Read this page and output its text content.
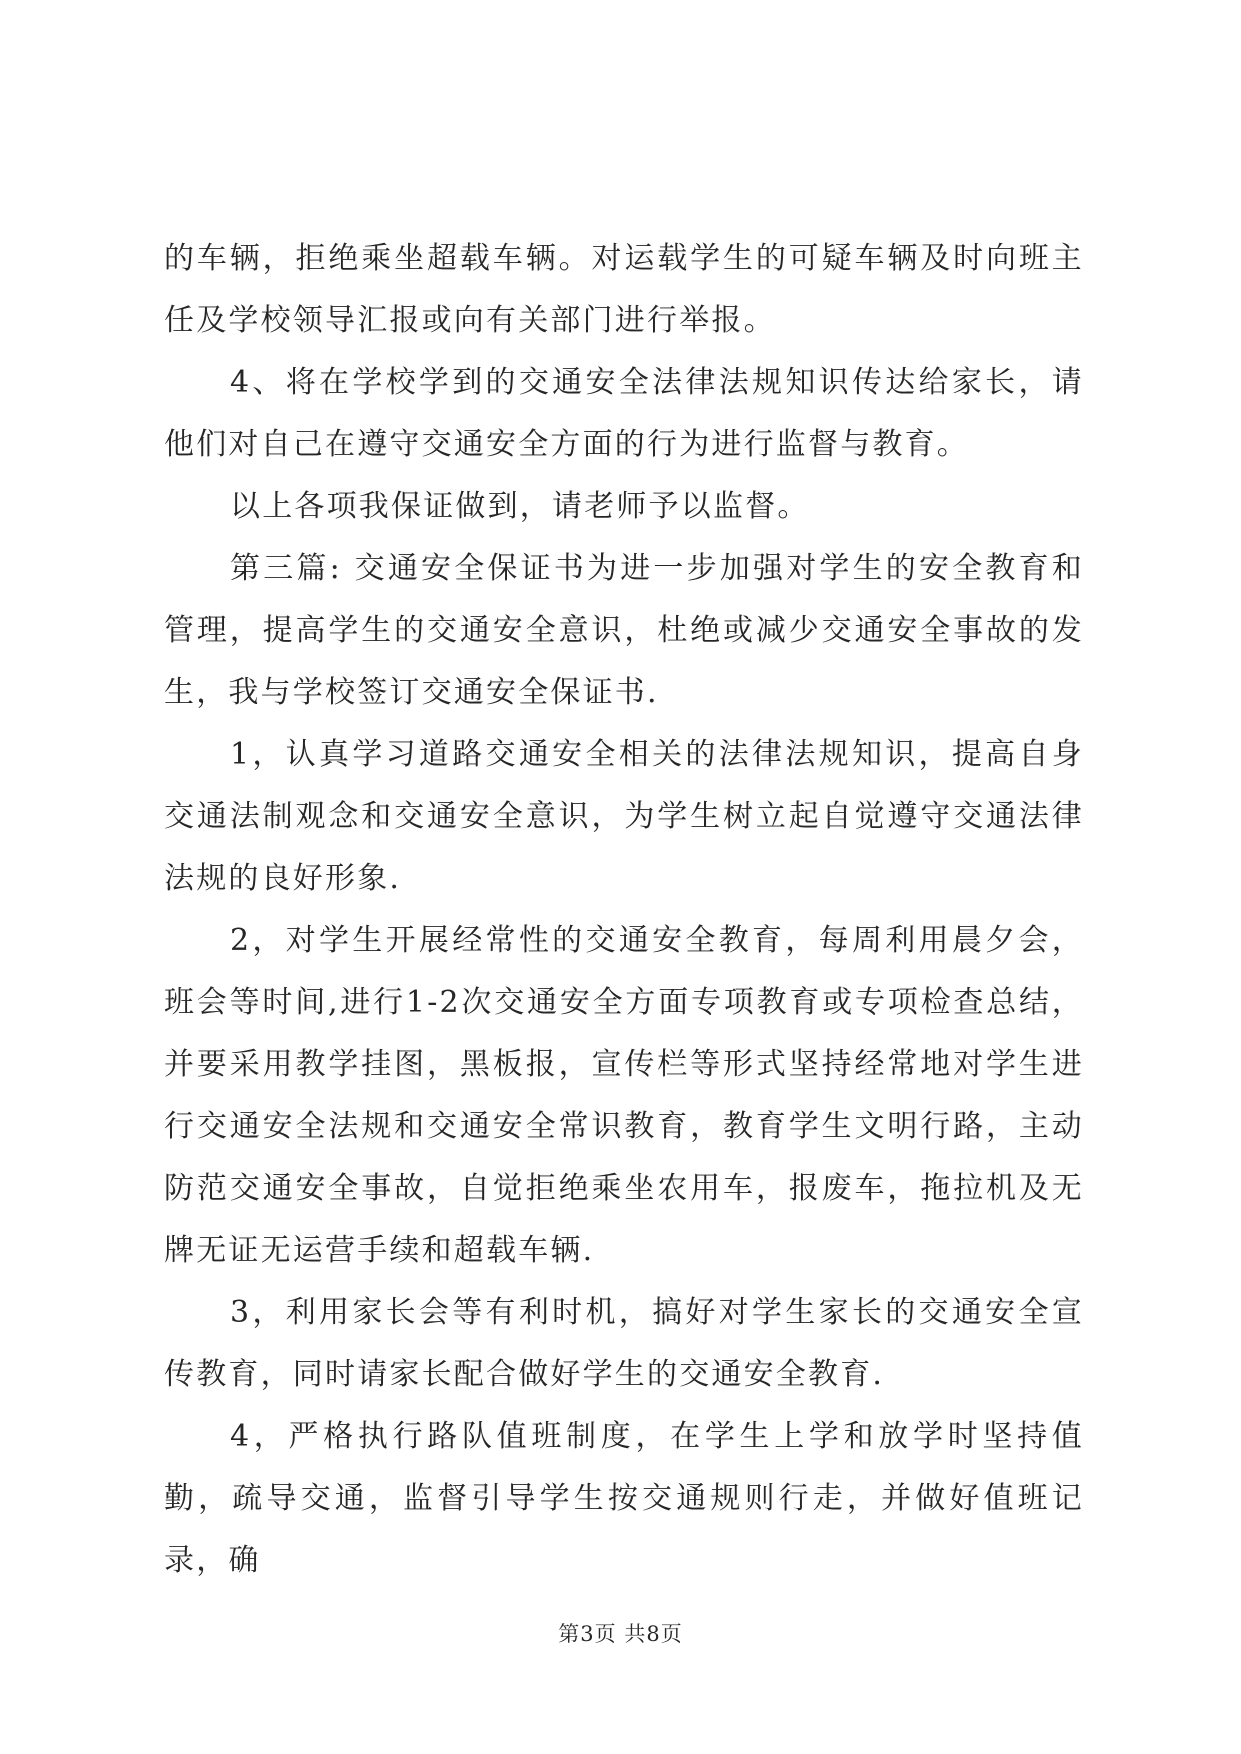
的车辆，拒绝乘坐超载车辆。对运载学生的可疑车辆及时向班主任及学校领导汇报或向有关部门进行举报。

4、将在学校学到的交通安全法律法规知识传达给家长，请他们对自己在遵守交通安全方面的行为进行监督与教育。

以上各项我保证做到，请老师予以监督。

第三篇: 交通安全保证书为进一步加强对学生的安全教育和管理，提高学生的交通安全意识，杜绝或减少交通安全事故的发生，我与学校签订交通安全保证书.

1，认真学习道路交通安全相关的法律法规知识，提高自身交通法制观念和交通安全意识，为学生树立起自觉遵守交通法律法规的良好形象.

2，对学生开展经常性的交通安全教育，每周利用晨夕会，班会等时间,进行1-2次交通安全方面专项教育或专项检查总结，并要采用教学挂图，黑板报，宣传栏等形式坚持经常地对学生进行交通安全法规和交通安全常识教育，教育学生文明行路，主动防范交通安全事故，自觉拒绝乘坐农用车，报废车，拖拉机及无牌无证无运营手续和超载车辆.

3，利用家长会等有利时机，搞好对学生家长的交通安全宣传教育，同时请家长配合做好学生的交通安全教育.

4，严格执行路队值班制度，在学生上学和放学时坚持值勤，疏导交通，监督引导学生按交通规则行走，并做好值班记录，确

第3页 共8页
